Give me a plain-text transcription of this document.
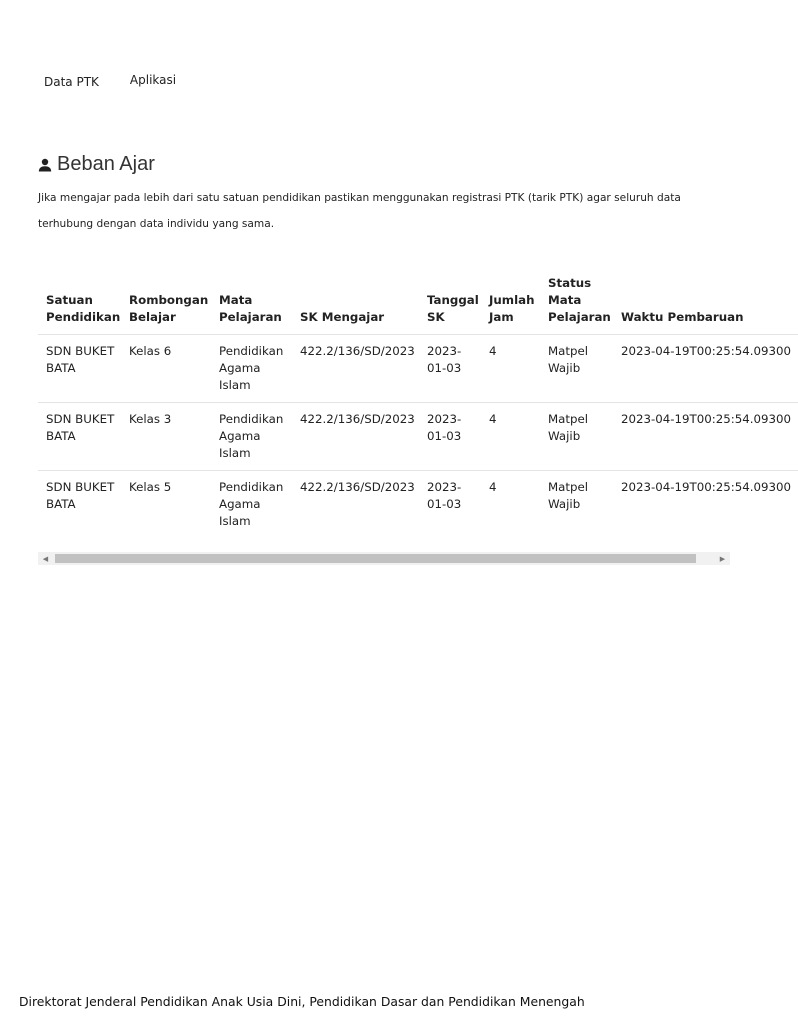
Data PTK	Aplikasi
Beban Ajar

Jika mengajar pada lebih dari satu satuan pendidikan pastikan menggunakan registrasi PTK (tarik PTK) agar seluruh data terhubung dengan data individu yang sama.

Satuan Pendidikan	Rombongan Belajar	Mata Pelajaran	SK Mengajar	Tanggal SK	Jumlah Jam	Status Mata Pelajaran	Waktu Pembaruan
SDN BUKET BATA	Kelas 6	Pendidikan Agama Islam	422.2/136/SD/2023	2023-01-03	4	Matpel Wajib	2023-04-19T00:25:54.09300
SDN BUKET BATA	Kelas 3	Pendidikan Agama Islam	422.2/136/SD/2023	2023-01-03	4	Matpel Wajib	2023-04-19T00:25:54.09300
SDN BUKET BATA	Kelas 5	Pendidikan Agama Islam	422.2/136/SD/2023	2023-01-03	4	Matpel Wajib	2023-04-19T00:25:54.09300
◀	▶
Direktorat Jenderal Pendidikan Anak Usia Dini, Pendidikan Dasar dan Pendidikan Menengah
